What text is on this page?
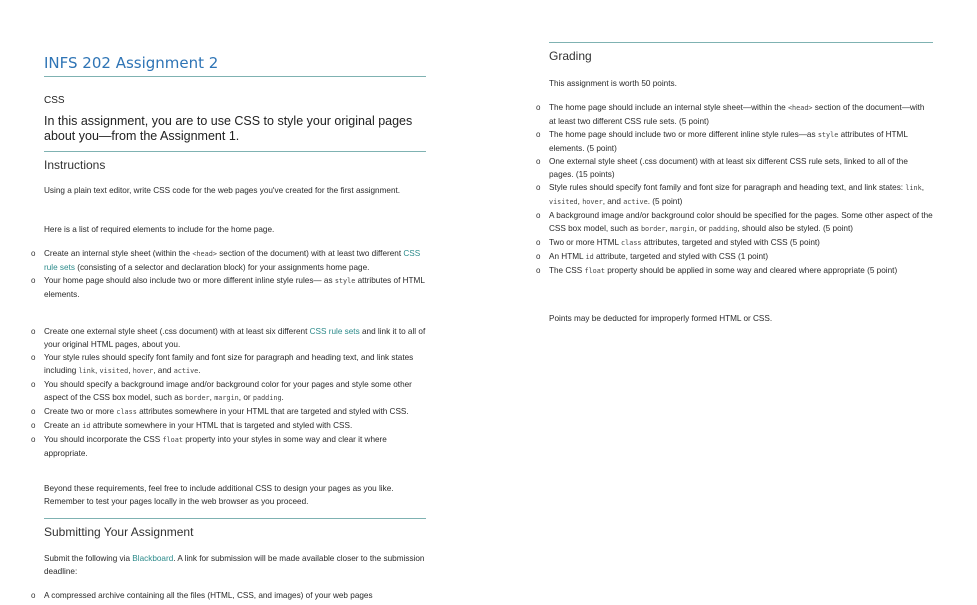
INFS 202 Assignment 2
CSS
In this assignment, you are to use CSS to style your original pages about you—from the Assignment 1.
Instructions

Using a plain text editor, write CSS code for the web pages you've created for the first assignment.

Here is a list of required elements to include for the home page.

o Create an internal style sheet (within the <head> section of the document) with at least two different CSS rule sets (consisting of a selector and declaration block) for your assignments home page.
o Your home page should also include two or more different inline style rules— as style attributes of HTML elements.
o Create one external style sheet (.css document) with at least six different CSS rule sets and link it to all of your original HTML pages, about you.
o Your style rules should specify font family and font size for paragraph and heading text, and link states including link, visited, hover, and active.
o You should specify a background image and/or background color for your pages and style some other aspect of the CSS box model, such as border, margin, or padding.
o Create two or more class attributes somewhere in your HTML that are targeted and styled with CSS.
o Create an id attribute somewhere in your HTML that is targeted and styled with CSS.
o You should incorporate the CSS float property into your styles in some way and clear it where appropriate.

Beyond these requirements, feel free to include additional CSS to design your pages as you like. Remember to test your pages locally in the web browser as you proceed.

Submitting Your Assignment

Submit the following via Blackboard. A link for submission will be made available closer to the submission deadline:

o A compressed archive containing all the files (HTML, CSS, and images) of your web pages
Grading

This assignment is worth 50 points.

o The home page should include an internal style sheet—within the <head> section of the document—with at least two different CSS rule sets. (5 point)
o The home page should include two or more different inline style rules—as style attributes of HTML elements. (5 point)
o One external style sheet (.css document) with at least six different CSS rule sets, linked to all of the pages. (15 points)
o Style rules should specify font family and font size for paragraph and heading text, and link states: link, visited, hover, and active. (5 point)
o A background image and/or background color should be specified for the pages. Some other aspect of the CSS box model, such as border, margin, or padding, should also be styled. (5 point)
o Two or more HTML class attributes, targeted and styled with CSS (5 point)
o An HTML id attribute, targeted and styled with CSS (1 point)
o The CSS float property should be applied in some way and cleared where appropriate (5 point)

Points may be deducted for improperly formed HTML or CSS.
